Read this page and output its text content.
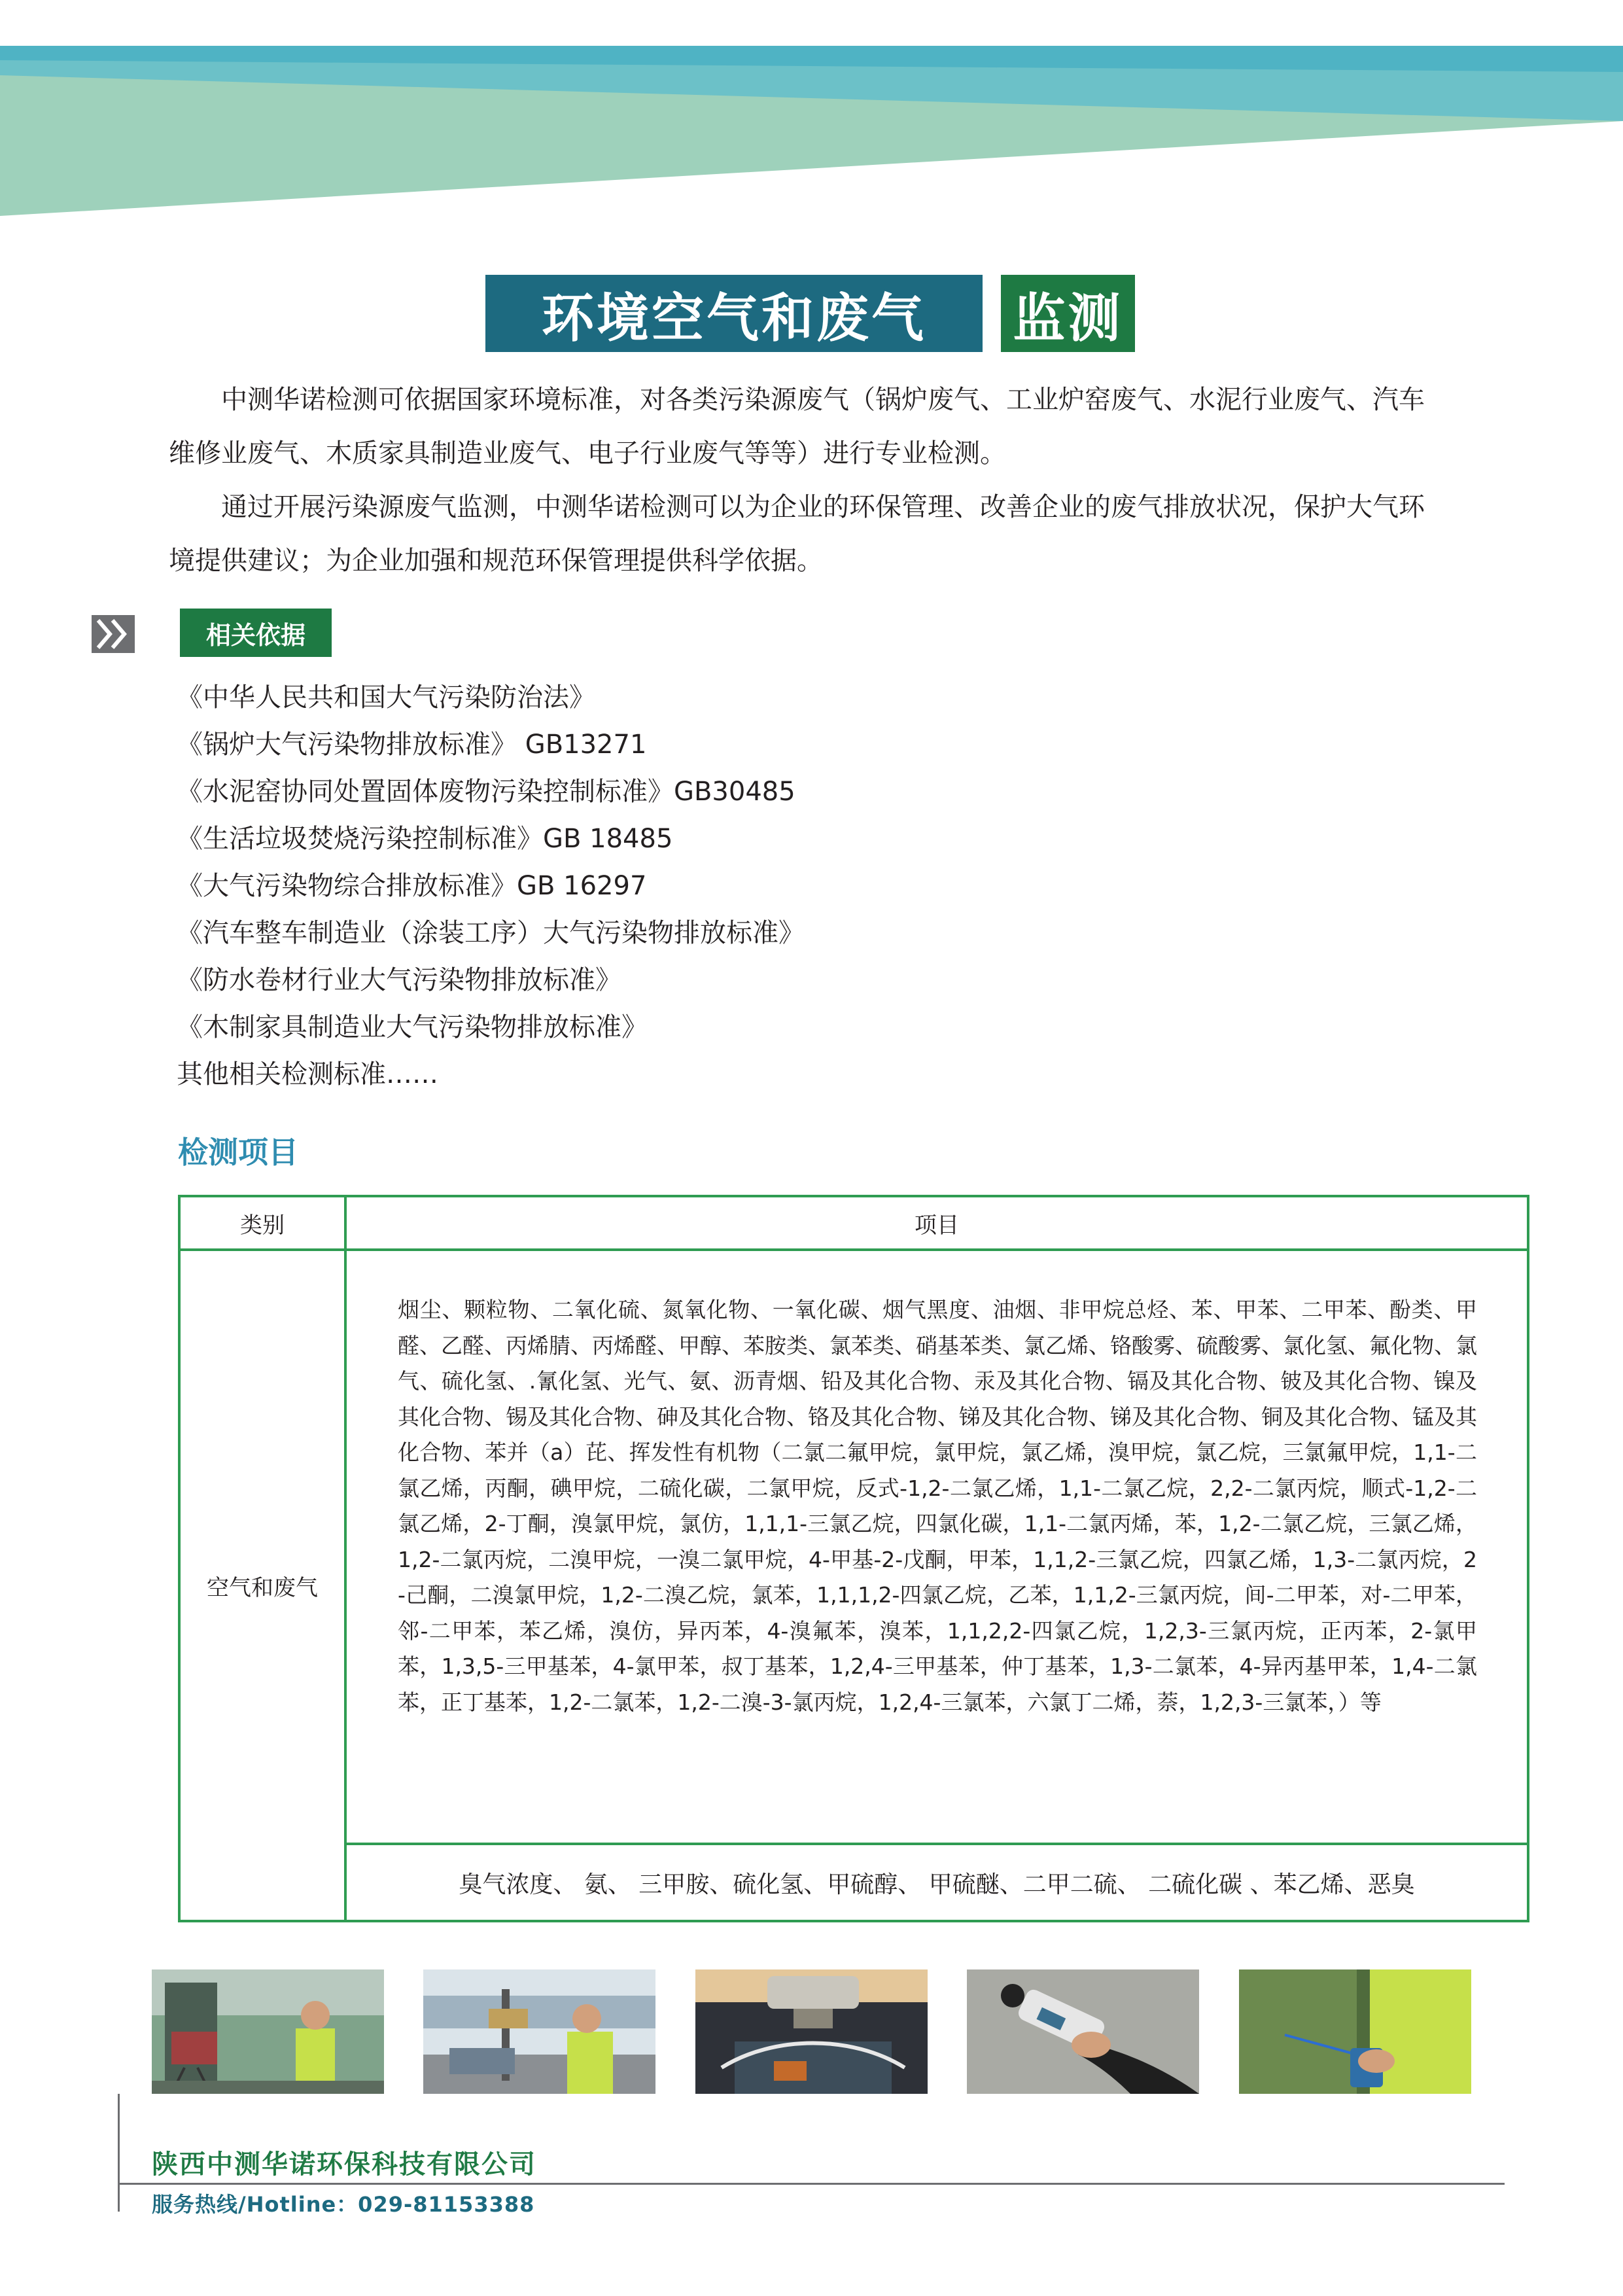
环境空气和废气	监测

中测华诺检测可依据国家环境标准，对各类污染源废气（锅炉废气、工业炉窑废气、水泥行业废气、汽车维修业废气、木质家具制造业废气、电子行业废气等等）进行专业检测。

通过开展污染源废气监测，中测华诺检测可以为企业的环保管理、改善企业的废气排放状况，保护大气环境提供建议；为企业加强和规范环保管理提供科学依据。

相关依据
《中华人民共和国大气污染防治法》
《锅炉大气污染物排放标准》 GB13271
《水泥窑协同处置固体废物污染控制标准》GB30485
《生活垃圾焚烧污染控制标准》GB 18485
《大气污染物综合排放标准》GB 16297
《汽车整车制造业（涂装工序）大气污染物排放标准》
《防水卷材行业大气污染物排放标准》
《木制家具制造业大气污染物排放标准》
其他相关检测标准……
检测项目
类别	项目
空气和废气
烟尘、颗粒物、二氧化硫、氮氧化物、一氧化碳、烟气黑度、油烟、非甲烷总烃、苯、甲苯、二甲苯、酚类、甲醛、乙醛、丙烯腈、丙烯醛、甲醇、苯胺类、氯苯类、硝基苯类、氯乙烯、铬酸雾、硫酸雾、氯化氢、氟化物、氯气、硫化氢、.氰化氢、光气、氨、沥青烟、铅及其化合物、汞及其化合物、镉及其化合物、铍及其化合物、镍及其化合物、锡及其化合物、砷及其化合物、铬及其化合物、锑及其化合物、锑及其化合物、铜及其化合物、锰及其化合物、苯并（a）芘、挥发性有机物（二氯二氟甲烷，氯甲烷，氯乙烯，溴甲烷，氯乙烷，三氯氟甲烷，1,1-二氯乙烯，丙酮，碘甲烷，二硫化碳，二氯甲烷，反式-1,2-二氯乙烯，1,1-二氯乙烷，2,2-二氯丙烷，顺式-1,2-二氯乙烯，2-丁酮，溴氯甲烷，氯仿，1,1,1-三氯乙烷，四氯化碳，1,1-二氯丙烯，苯，1,2-二氯乙烷，三氯乙烯，1,2-二氯丙烷，二溴甲烷，一溴二氯甲烷，4-甲基-2-戊酮，甲苯，1,1,2-三氯乙烷，四氯乙烯，1,3-二氯丙烷，2-己酮，二溴氯甲烷，1,2-二溴乙烷，氯苯，1,1,1,2-四氯乙烷，乙苯，1,1,2-三氯丙烷，间-二甲苯，对-二甲苯，邻-二甲苯，苯乙烯，溴仿，异丙苯，4-溴氟苯，溴苯，1,1,2,2-四氯乙烷，1,2,3-三氯丙烷，正丙苯，2-氯甲苯，1,3,5-三甲基苯，4-氯甲苯，叔丁基苯，1,2,4-三甲基苯，仲丁基苯，1,3-二氯苯，4-异丙基甲苯，1,4-二氯苯，正丁基苯，1,2-二氯苯，1,2-二溴-3-氯丙烷，1,2,4-三氯苯，六氯丁二烯，萘，1,2,3-三氯苯，）等
臭气浓度、 氨、 三甲胺、硫化氢、甲硫醇、 甲硫醚、二甲二硫、 二硫化碳 、苯乙烯、恶臭
陕西中测华诺环保科技有限公司
服务热线/Hotline：029-81153388
